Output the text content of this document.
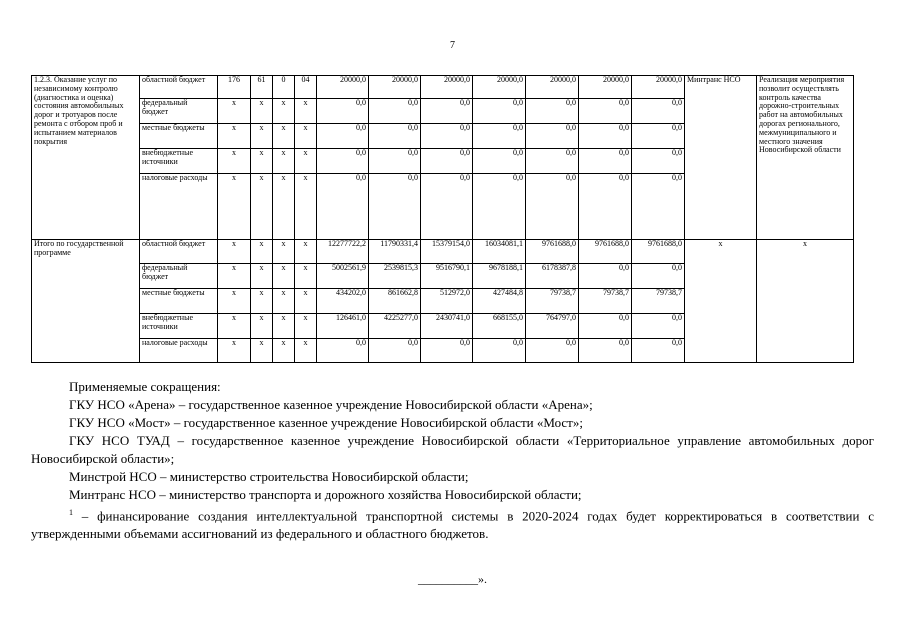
7
1.2.3. Оказание услуг по независимому контролю (диагностика и оценка) состояния автомобильных дорог и тротуаров после ремонта с отбором проб и испытанием материалов покрытия	областной бюджет	176	61	0	04	20000,0	20000,0	20000,0	20000,0	20000,0	20000,0	20000,0	Минтранс НСО	Реализация мероприятия позволит осуществлять контроль качества дорожно-строительных работ на автомобильных дорогах регионального, межмуниципального и местного значения Новосибирской области
	федеральный бюджет	х	х	х	х	0,0	0,0	0,0	0,0	0,0	0,0	0,0		
	местные бюджеты	х	х	х	х	0,0	0,0	0,0	0,0	0,0	0,0	0,0		
	внебюджетные источники	х	х	х	х	0,0	0,0	0,0	0,0	0,0	0,0	0,0		
	налоговые расходы	х	х	х	х	0,0	0,0	0,0	0,0	0,0	0,0	0,0		
Итого по государственной программе	областной бюджет	х	х	х	х	12277722,2	11790331,4	15379154,0	16034081,1	9761688,0	9761688,0	9761688,0	х	х
	федеральный бюджет	х	х	х	х	5002561,9	2539815,3	9516790,1	9678188,1	6178387,8	0,0	0,0		
	местные бюджеты	х	х	х	х	434202,0	861662,8	512972,0	427484,8	79738,7	79738,7	79738,7		
	внебюджетные источники	х	х	х	х	126461,0	4225277,0	2430741,0	668155,0	764797,0	0,0	0,0		
	налоговые расходы	х	х	х	х	0,0	0,0	0,0	0,0	0,0	0,0	0,0		

Применяемые сокращения:

ГКУ НСО «Арена» – государственное казенное учреждение Новосибирской области «Арена»;

ГКУ НСО «Мост» – государственное казенное учреждение Новосибирской области «Мост»;

ГКУ НСО ТУАД – государственное казенное учреждение Новосибирской области «Территориальное управление автомобильных дорог Новосибирской области»;

Минстрой НСО – министерство строительства Новосибирской области;

Минтранс НСО – министерство транспорта и дорожного хозяйства Новосибирской области;

$^1$ – финансирование создания интеллектуальной транспортной системы в 2020-2024 годах будет корректироваться в соответствии с утвержденными объемами ассигнований из федерального и областного бюджетов.

__________».
